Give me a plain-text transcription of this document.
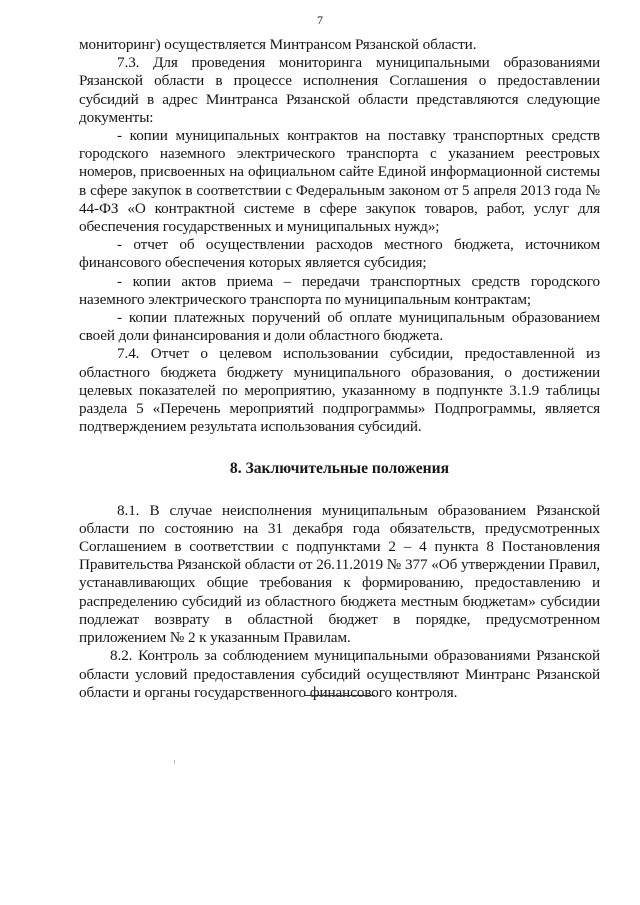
7

мониторинг) осуществляется Минтрансом Рязанской области.

7.3. Для проведения мониторинга муниципальными образованиями Рязанской области в процессе исполнения Соглашения о предоставлении субсидий в адрес Минтранса Рязанской области представляются следующие документы:

- копии муниципальных контрактов на поставку транспортных средств городского наземного электрического транспорта с указанием реестровых номеров, присвоенных на официальном сайте Единой информационной системы в сфере закупок в соответствии с Федеральным законом от 5 апреля 2013 года № 44-ФЗ «О контрактной системе в сфере закупок товаров, работ, услуг для обеспечения государственных и муниципальных нужд»;

- отчет об осуществлении расходов местного бюджета, источником финансового обеспечения которых является субсидия;

- копии актов приема – передачи транспортных средств городского наземного электрического транспорта по муниципальным контрактам;

- копии платежных поручений об оплате муниципальным образованием своей доли финансирования и доли областного бюджета.

7.4. Отчет о целевом использовании субсидии, предоставленной из областного бюджета бюджету муниципального образования, о достижении целевых показателей по мероприятию, указанному в подпункте 3.1.9 таблицы раздела 5 «Перечень мероприятий подпрограммы» Подпрограммы, является подтверждением результата использования субсидий.

8. Заключительные положения

8.1. В случае неисполнения муниципальным образованием Рязанской области по состоянию на 31 декабря года обязательств, предусмотренных Соглашением в соответствии с подпунктами 2 – 4 пункта 8 Постановления Правительства Рязанской области от 26.11.2019 № 377 «Об утверждении Правил, устанавливающих общие требования к формированию, предоставлению и распределению субсидий из областного бюджета местным бюджетам» субсидии подлежат возврату в областной бюджет в порядке, предусмотренном приложением № 2 к указанным Правилам.

8.2. Контроль за соблюдением муниципальными образованиями Рязанской области условий предоставления субсидий осуществляют Минтранс Рязанской области и органы государственного финансового контроля.
